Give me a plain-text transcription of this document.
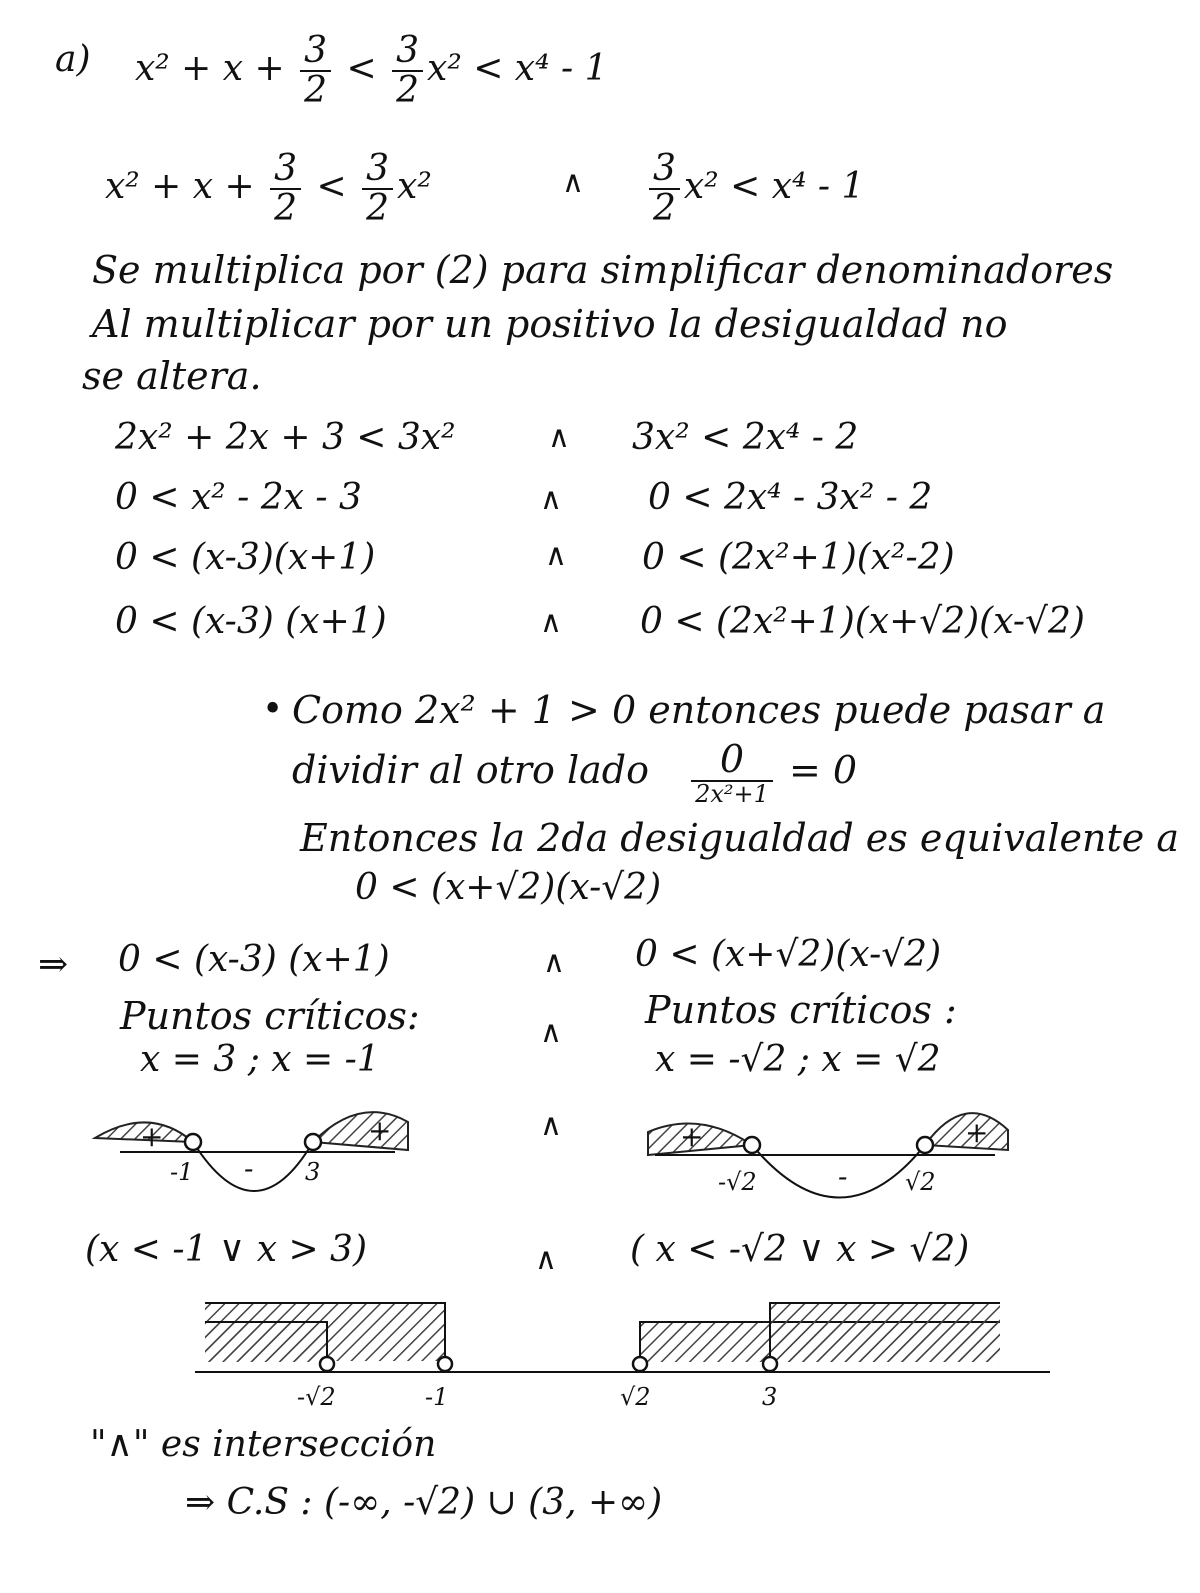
a) $x^2 + x + \frac{3}{2} < \frac{3}{2} x^2 < x^4 - 1$
$x^2 + x + \frac{3}{2} < \frac{3}{2} x^2$	∧ $\frac{3}{2} x^2 < x^4 - 1$
Se multiplica por (2) para simplificar denominadores
Al multiplicar por un positivo la desigualdad no
se altera.
2x² + 2x + 3 < 3x²	∧ 3x² < 2x⁴ - 2
0 < x² - 2x - 3	∧ 0 < 2x⁴ - 3x² - 2
0 < (x-3)(x+1)	∧ 0 < (2x²+1)(x²-2)
0 < (x-3) (x+1)	∧ 0 < (2x²+1)(x+√2)(x-√2)
• Como 2x² + 1 > 0 entonces puede pasar a
dividir al otro lado $\frac{0}{\text{2x²+1}} = 0$
Entonces la 2da desigualdad es equivalente a
0 < (x+√2)(x-√2)
⇒ 0 < (x-3) (x+1)	∧ 0 < (x+√2)(x-√2)
Puntos críticos:	∧
Puntos críticos :
x = 3 ; x = -1	x = -√2 ; x = √2
∧
+
-
+
-1	3
+
-
+
-√2	√2
-√2	-1	√2	3
(x < -1 ∨ x > 3)	∧ ( x < -√2 ∨ x > √2)
"∧" es intersección
⇒ C.S : (-∞, -√2) ∪ (3, +∞)
